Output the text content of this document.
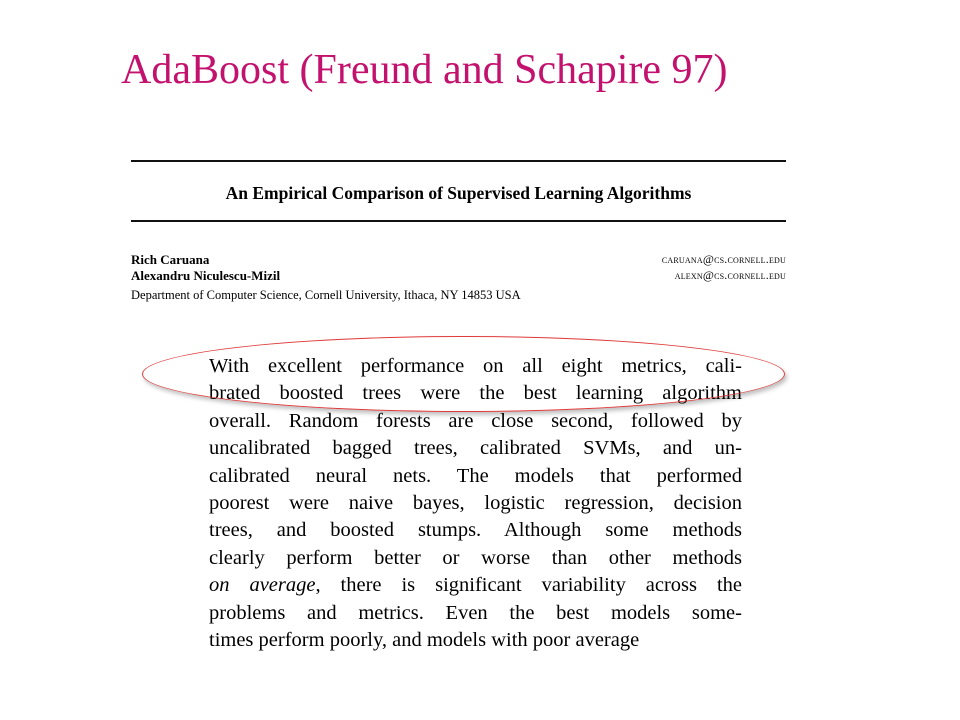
AdaBoost (Freund and Schapire 97)
An Empirical Comparison of Supervised Learning Algorithms
Rich Caruana	caruana@cs.cornell.edu
Alexandru Niculescu-Mizil	alexn@cs.cornell.edu
Department of Computer Science, Cornell University, Ithaca, NY 14853 USA
With excellent performance on all eight metrics, cali-
brated boosted trees were the best learning algorithm
overall. Random forests are close second, followed by
uncalibrated bagged trees, calibrated SVMs, and un-
calibrated neural nets. The models that performed
poorest were naive bayes, logistic regression, decision
trees, and boosted stumps. Although some methods
clearly perform better or worse than other methods
on average, there is significant variability across the
problems and metrics. Even the best models some-
times perform poorly, and models with poor average
